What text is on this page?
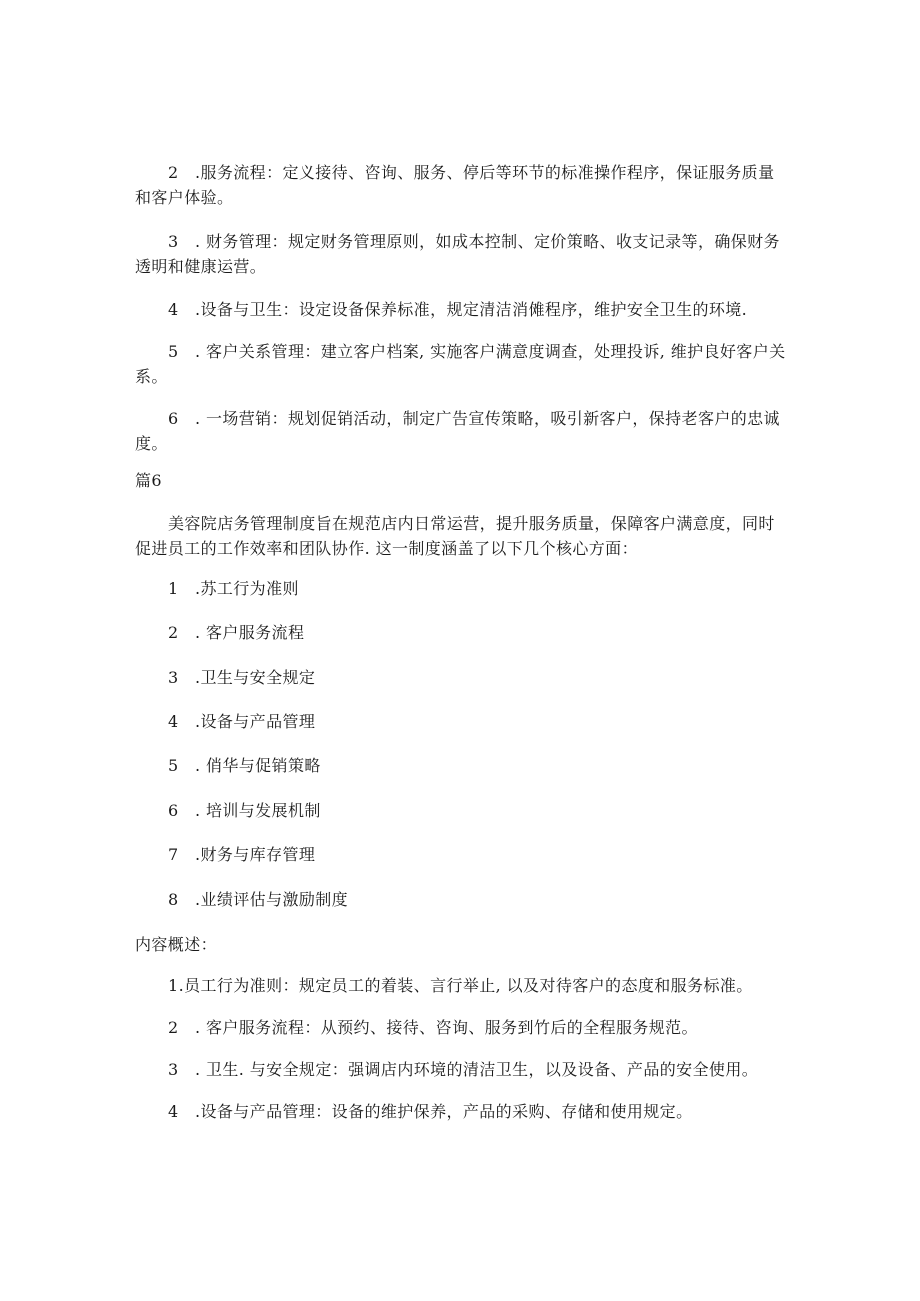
2　.服务流程：定义接待、咨询、服务、停后等环节的标准操作程序，保证服务质量和客户体验。
3　. 财务管理：规定财务管理原则，如成本控制、定价策略、收支记录等，确保财务透明和健康运营。
4　.设备与卫生：设定设备保养标准，规定清洁消傩程序，维护安全卫生的环境.
5　. 客户关系管理：建立客户档案, 实施客户满意度调查，处理投诉, 维护良好客户关系。
6　. 一场营销：规划促销活动，制定广告宣传策略，吸引新客户，保持老客户的忠诚度。
篇6
美容院店务管理制度旨在规范店内日常运营，提升服务质量，保障客户满意度，同时促进员工的工作效率和团队协作. 这一制度涵盖了以下几个核心方面：
1　.苏工行为准则
2　. 客户服务流程
3　.卫生与安全规定
4　.设备与产品管理
5　. 俏华与促销策略
6　. 培训与发展机制
7　.财务与库存管理
8　.业绩评估与激励制度
内容概述：
1.员工行为准则：规定员工的着装、言行举止, 以及对待客户的态度和服务标准。
2　. 客户服务流程：从预约、接待、咨询、服务到竹后的全程服务规范。
3　. 卫生. 与安全规定：强调店内环境的清洁卫生，以及设备、产品的安全使用。
4　.设备与产品管理：设备的维护保养，产品的采购、存储和使用规定。
